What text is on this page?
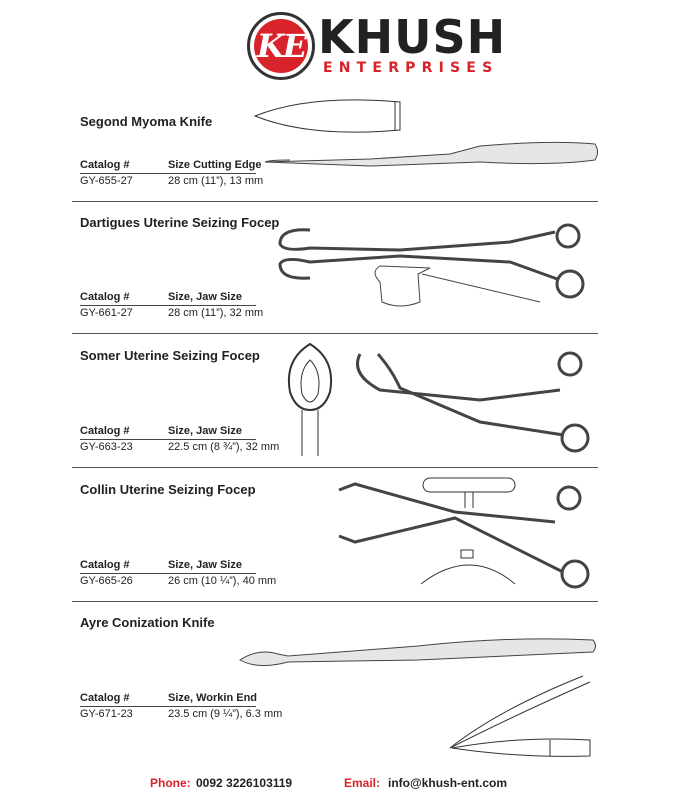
KE KHUSH
ENTERPRISES
Segond Myoma Knife
Catalog #	Size Cutting Edge
GY-655-27	28 cm (11”), 13 mm
Dartigues Uterine Seizing Focep
Catalog #	Size, Jaw Size
GY-661-27	28 cm (11”), 32 mm
Somer Uterine Seizing Focep
Catalog #	Size, Jaw Size
GY-663-23	22.5 cm (8 ¾”), 32 mm
Collin Uterine Seizing Focep
Catalog #	Size, Jaw Size
GY-665-26	26 cm (10 ¼”), 40 mm
Ayre Conization Knife
Catalog #	Size, Workin End
GY-671-23	23.5 cm (9 ¼”), 6.3 mm
Phone: 0092 3226103119	Email: info@khush-ent.com
